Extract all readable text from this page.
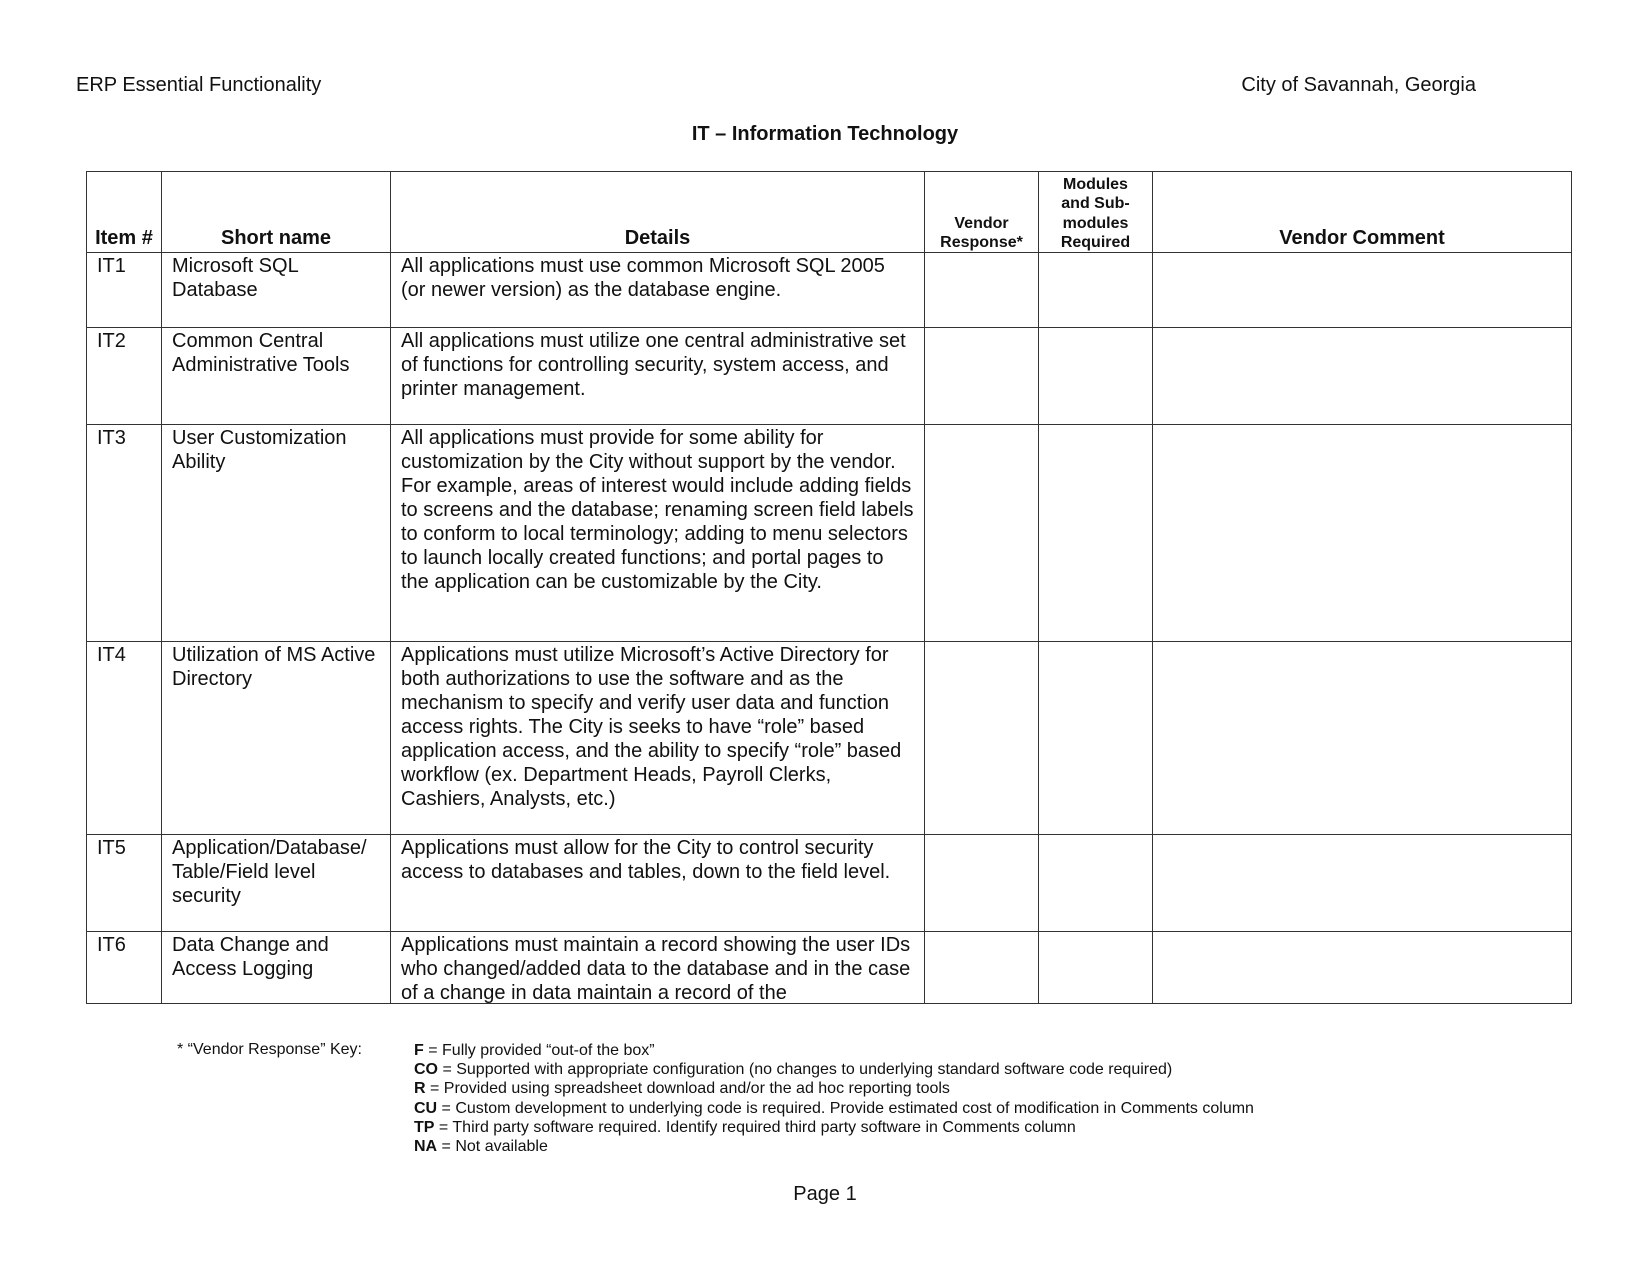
ERP Essential Functionality	City of Savannah, Georgia
IT – Information Technology
Item #	Short name	Details	Vendor Response*	Modules and Sub-modules Required	Vendor Comment
IT1	Microsoft SQL Database	All applications must use common Microsoft SQL 2005 (or newer version) as the database engine.			
IT2	Common Central Administrative Tools	All applications must utilize one central administrative set of functions for controlling security, system access, and printer management.			
IT3	User Customization Ability	All applications must provide for some ability for customization by the City without support by the vendor. For example, areas of interest would include adding fields to screens and the database; renaming screen field labels to conform to local terminology; adding to menu selectors to launch locally created functions; and portal pages to the application can be customizable by the City.			
IT4	Utilization of MS Active Directory	Applications must utilize Microsoft’s Active Directory for both authorizations to use the software and as the mechanism to specify and verify user data and function access rights. The City is seeks to have “role” based application access, and the ability to specify “role” based workflow (ex. Department Heads, Payroll Clerks, Cashiers, Analysts, etc.)			
IT5	Application/Database/ Table/Field level security	Applications must allow for the City to control security access to databases and tables, down to the field level.			
IT6	Data Change and Access Logging	Applications must maintain a record showing the user IDs who changed/added data to the database and in the case of a change in data maintain a record of the			

* “Vendor Response” Key:	F = Fully provided “out-of the box”
CO = Supported with appropriate configuration (no changes to underlying standard software code required)
R = Provided using spreadsheet download and/or the ad hoc reporting tools
CU = Custom development to underlying code is required. Provide estimated cost of modification in Comments column
TP = Third party software required. Identify required third party software in Comments column
NA = Not available
Page 1
